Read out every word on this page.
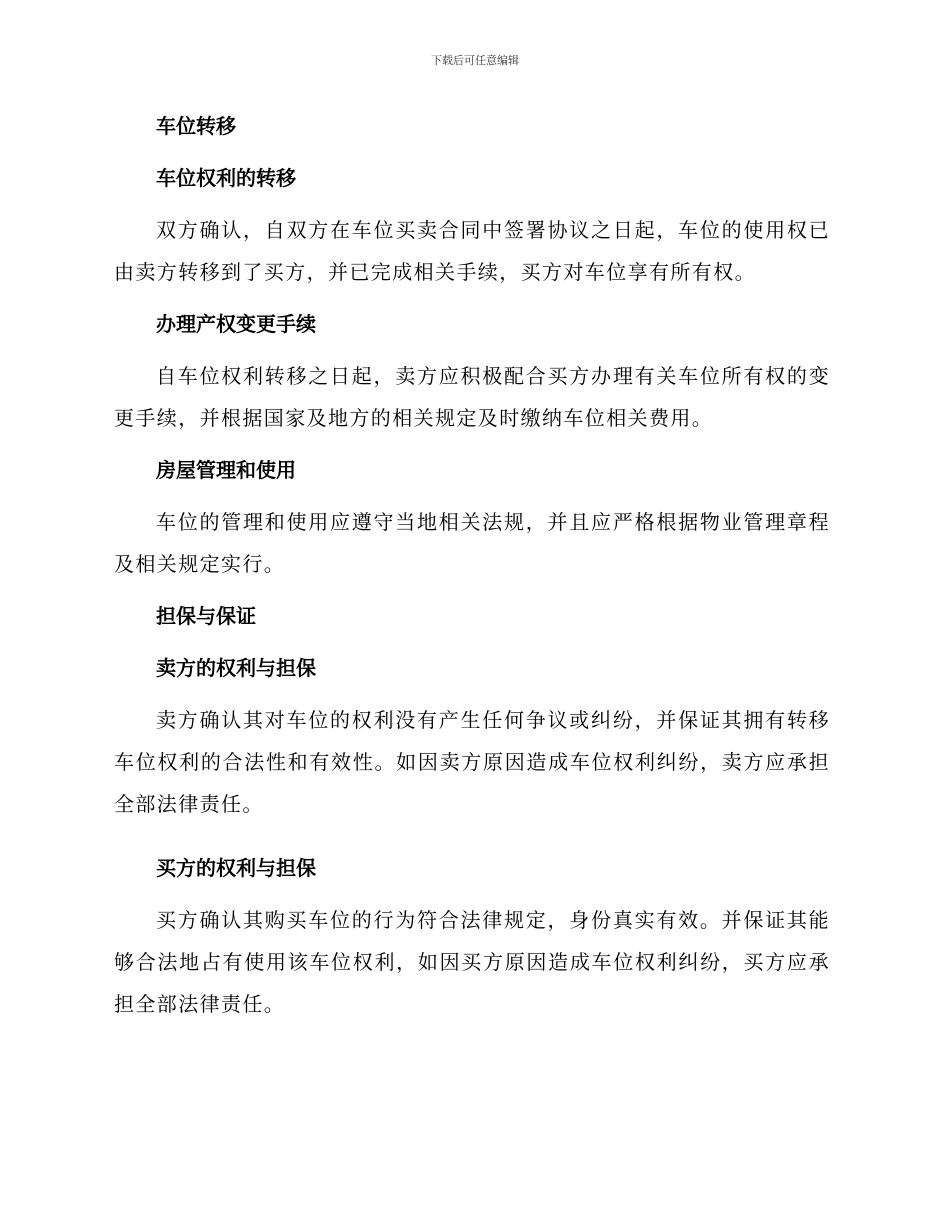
下载后可任意编辑
车位转移
车位权利的转移

双方确认，自双方在车位买卖合同中签署协议之日起，车位的使用权已由卖方转移到了买方，并已完成相关手续，买方对车位享有所有权。

办理产权变更手续

自车位权利转移之日起，卖方应积极配合买方办理有关车位所有权的变更手续，并根据国家及地方的相关规定及时缴纳车位相关费用。

房屋管理和使用

车位的管理和使用应遵守当地相关法规，并且应严格根据物业管理章程及相关规定实行。

担保与保证
卖方的权利与担保

卖方确认其对车位的权利没有产生任何争议或纠纷，并保证其拥有转移车位权利的合法性和有效性。如因卖方原因造成车位权利纠纷，卖方应承担全部法律责任。

买方的权利与担保

买方确认其购买车位的行为符合法律规定，身份真实有效。并保证其能够合法地占有使用该车位权利，如因买方原因造成车位权利纠纷，买方应承担全部法律责任。
